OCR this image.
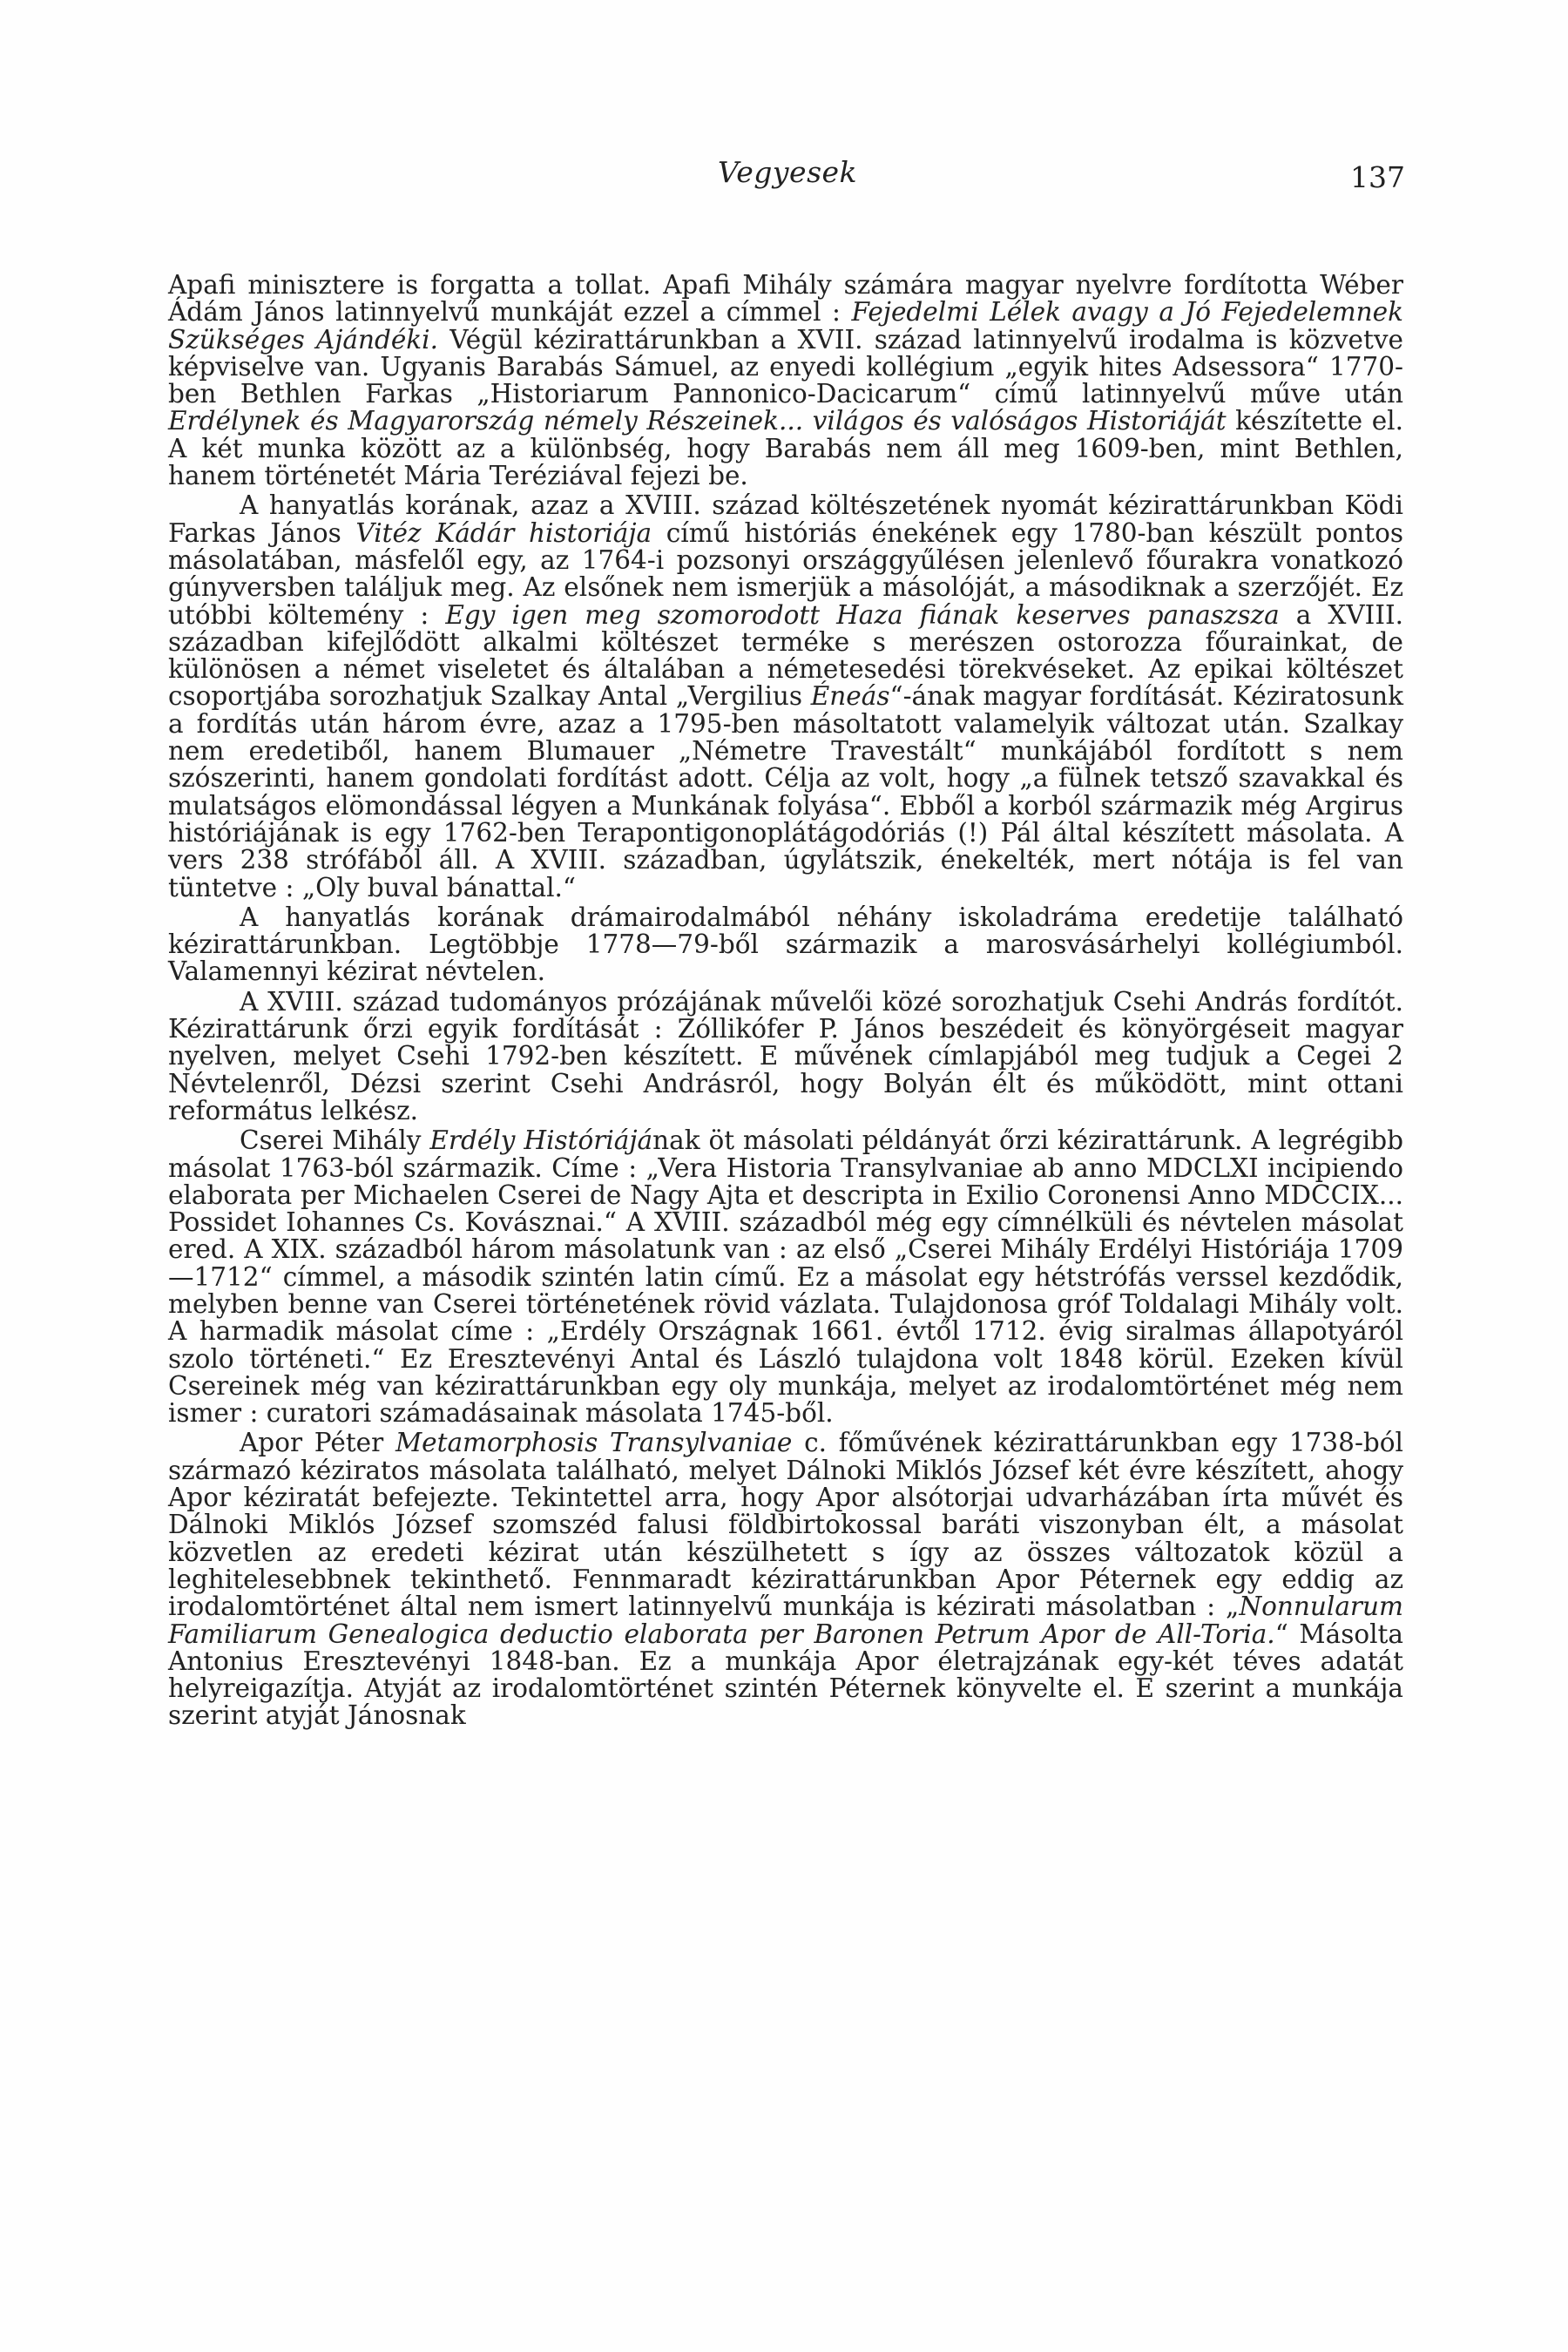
Vegyesek	137

Apafi minisztere is forgatta a tollat. Apafi Mihály számára magyar nyelvre fordította Wéber Ádám János latinnyelvű munkáját ezzel a címmel : Fejedelmi Lélek avagy a Jó Fejedelemnek Szükséges Ajándéki. Végül kézirattárunkban a XVII. század latinnyelvű irodalma is közvetve képviselve van. Ugyanis Barabás Sámuel, az enyedi kollégium „egyik hites Adsessora“ 1770-ben Bethlen Farkas „Historiarum Pannonico-Dacicarum“ című latinnyelvű műve után Erdélynek és Magyarország némely Részeinek... világos és valóságos Historiáját készítette el. A két munka között az a különbség, hogy Barabás nem áll meg 1609-ben, mint Bethlen, hanem történetét Mária Teréziával fejezi be.

A hanyatlás korának, azaz a XVIII. század költészetének nyomát kézirattárunkban Ködi Farkas János Vitéz Kádár historiája című históriás énekének egy 1780-ban készült pontos másolatában, másfelől egy, az 1764-i pozsonyi országgyűlésen jelenlevő főurakra vonatkozó gúnyversben találjuk meg. Az elsőnek nem ismerjük a másolóját, a másodiknak a szerzőjét. Ez utóbbi költemény : Egy igen meg szomorodott Haza fiának keserves panaszsza a XVIII. században kifejlődött alkalmi költészet terméke s merészen ostorozza főurainkat, de különösen a német viseletet és általában a németesedési törekvéseket. Az epikai költészet csoportjába sorozhatjuk Szalkay Antal „Vergilius Éneás“-ának magyar fordítását. Kéziratosunk a fordítás után három évre, azaz a 1795-ben másoltatott valamelyik változat után. Szalkay nem eredetiből, hanem Blumauer „Németre Travestált“ munkájából fordított s nem szószerinti, hanem gondolati fordítást adott. Célja az volt, hogy „a fülnek tetsző szavakkal és mulatságos elömondással légyen a Munkának folyása“. Ebből a korból származik még Argirus históriájának is egy 1762-ben Terapontigonoplátágodóriás (!) Pál által készített másolata. A vers 238 strófából áll. A XVIII. században, úgylátszik, énekelték, mert nótája is fel van tüntetve : „Oly buval bánattal.“

A hanyatlás korának drámairodalmából néhány iskoladráma eredetije található kézirattárunkban. Legtöbbje 1778—79-ből származik a marosvásárhelyi kollégiumból. Valamennyi kézirat névtelen.

A XVIII. század tudományos prózájának művelői közé sorozhatjuk Csehi András fordítót. Kézirattárunk őrzi egyik fordítását : Zóllikófer P. János beszédeit és könyörgéseit magyar nyelven, melyet Csehi 1792-ben készített. E művének címlapjából meg tudjuk a Cegei 2 Névtelenről, Dézsi szerint Csehi Andrásról, hogy Bolyán élt és működött, mint ottani református lelkész.

Cserei Mihály Erdély Históriájának öt másolati példányát őrzi kézirattárunk. A legrégibb másolat 1763-ból származik. Címe : „Vera Historia Transylvaniae ab anno MDCLXI incipiendo elaborata per Michaelen Cserei de Nagy Ajta et descripta in Exilio Coronensi Anno MDCCIX... Possidet Iohannes Cs. Kovásznai.“ A XVIII. századból még egy címnélküli és névtelen másolat ered. A XIX. századból három másolatunk van : az első „Cserei Mihály Erdélyi Históriája 1709—1712“ címmel, a második szintén latin című. Ez a másolat egy hétstrófás verssel kezdődik, melyben benne van Cserei történetének rövid vázlata. Tulajdonosa gróf Toldalagi Mihály volt. A harmadik másolat címe : „Erdély Országnak 1661. évtől 1712. évig siralmas állapotyáról szolo történeti.“ Ez Eresztevényi Antal és László tulajdona volt 1848 körül. Ezeken kívül Csereinek még van kézirattárunkban egy oly munkája, melyet az irodalomtörténet még nem ismer : curatori számadásainak másolata 1745-ből.

Apor Péter Metamorphosis Transylvaniae c. főművének kézirattárunkban egy 1738-ból származó kéziratos másolata található, melyet Dálnoki Miklós József két évre készített, ahogy Apor kéziratát befejezte. Tekintettel arra, hogy Apor alsótorjai udvarházában írta művét és Dálnoki Miklós József szomszéd falusi földbirtokossal baráti viszonyban élt, a másolat közvetlen az eredeti kézirat után készülhetett s így az összes változatok közül a leghitelesebbnek tekinthető. Fennmaradt kézirattárunkban Apor Péternek egy eddig az irodalomtörténet által nem ismert latinnyelvű munkája is kézirati másolatban : „Nonnularum Familiarum Genealogica deductio elaborata per Baronen Petrum Apor de All-Toria.“ Másolta Antonius Eresztevényi 1848-ban. Ez a munkája Apor életrajzának egy-két téves adatát helyreigazítja. Atyját az irodalomtörténet szintén Péternek könyvelte el. E szerint a munkája szerint atyját Jánosnak
